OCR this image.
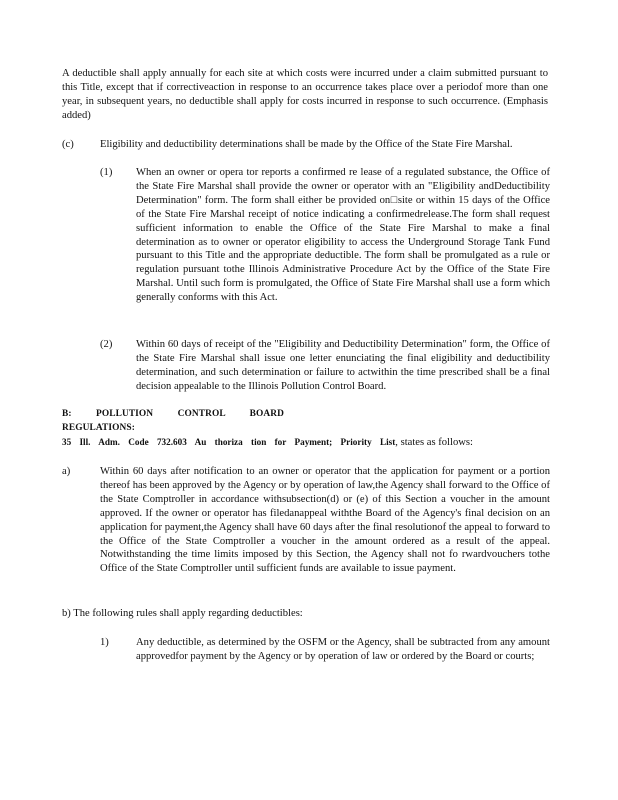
A deductible shall apply annually for each site at which costs were incurred under a claim submitted pursuant to this Title, except that if correctiveaction in response to an occurrence takes place over a periodof more than one year, in subsequent years, no deductible shall apply for costs incurred in response to such occurrence. (Emphasis added)

(c) Eligibility and deductibility determinations shall be made by the Office of the State Fire Marshal.

(1) When an owner or opera tor reports a confirmed re lease of a regulated substance, the Office of the State Fire Marshal shall provide the owner or operator with an "Eligibility andDeductibility Determination" form. The form shall either be provided on□site or within 15 days of the Office of the State Fire Marshal receipt of notice indicating a confirmedrelease.The form shall request sufficient information to enable the Office of the State Fire Marshal to make a final determination as to owner or operator eligibility to access the Underground Storage Tank Fund pursuant to this Title and the appropriate deductible. The form shall be promulgated as a rule or regulation pursuant tothe Illinois Administrative Procedure Act by the Office of the State Fire Marshal. Until such form is promulgated, the Office of State Fire Marshal shall use a form which generally conforms with this Act.

(2) Within 60 days of receipt of the "Eligibility and Deductibility Determination" form, the Office of the State Fire Marshal shall issue one letter enunciating the final eligibility and deductibility determination, and such determination or failure to actwithin the time prescribed shall be a final decision appealable to the Illinois Pollution Control Board.

B: POLLUTION CONTROL BOARD REGULATIONS:

35 Ill. Adm. Code 732.603 Au thoriza tion for Payment; Priority List, states as follows:

a)	Within 60 days after notification to an owner or operator that the application for payment or a portion thereof has been approved by the Agency or by operation of law,the Agency shall forward to the Office of the State Comptroller in accordance withsubsection(d) or (e) of this Section a voucher in the amount approved. If the owner or operator has filedanappeal withthe Board of the Agency's final decision on an application for payment,the Agency shall have 60 days after the final resolutionof the appeal to forward to the Office of the State Comptroller a voucher in the amount ordered as a result of the appeal. Notwithstanding the time limits imposed by this Section, the Agency shall not fo rwardvouchers tothe Office of the State Comptroller until sufficient funds are available to issue payment.

b) The following rules shall apply regarding deductibles:

1)	Any deductible, as determined by the OSFM or the Agency, shall be subtracted from any amount approvedfor payment by the Agency or by operation of law or ordered by the Board or courts;
